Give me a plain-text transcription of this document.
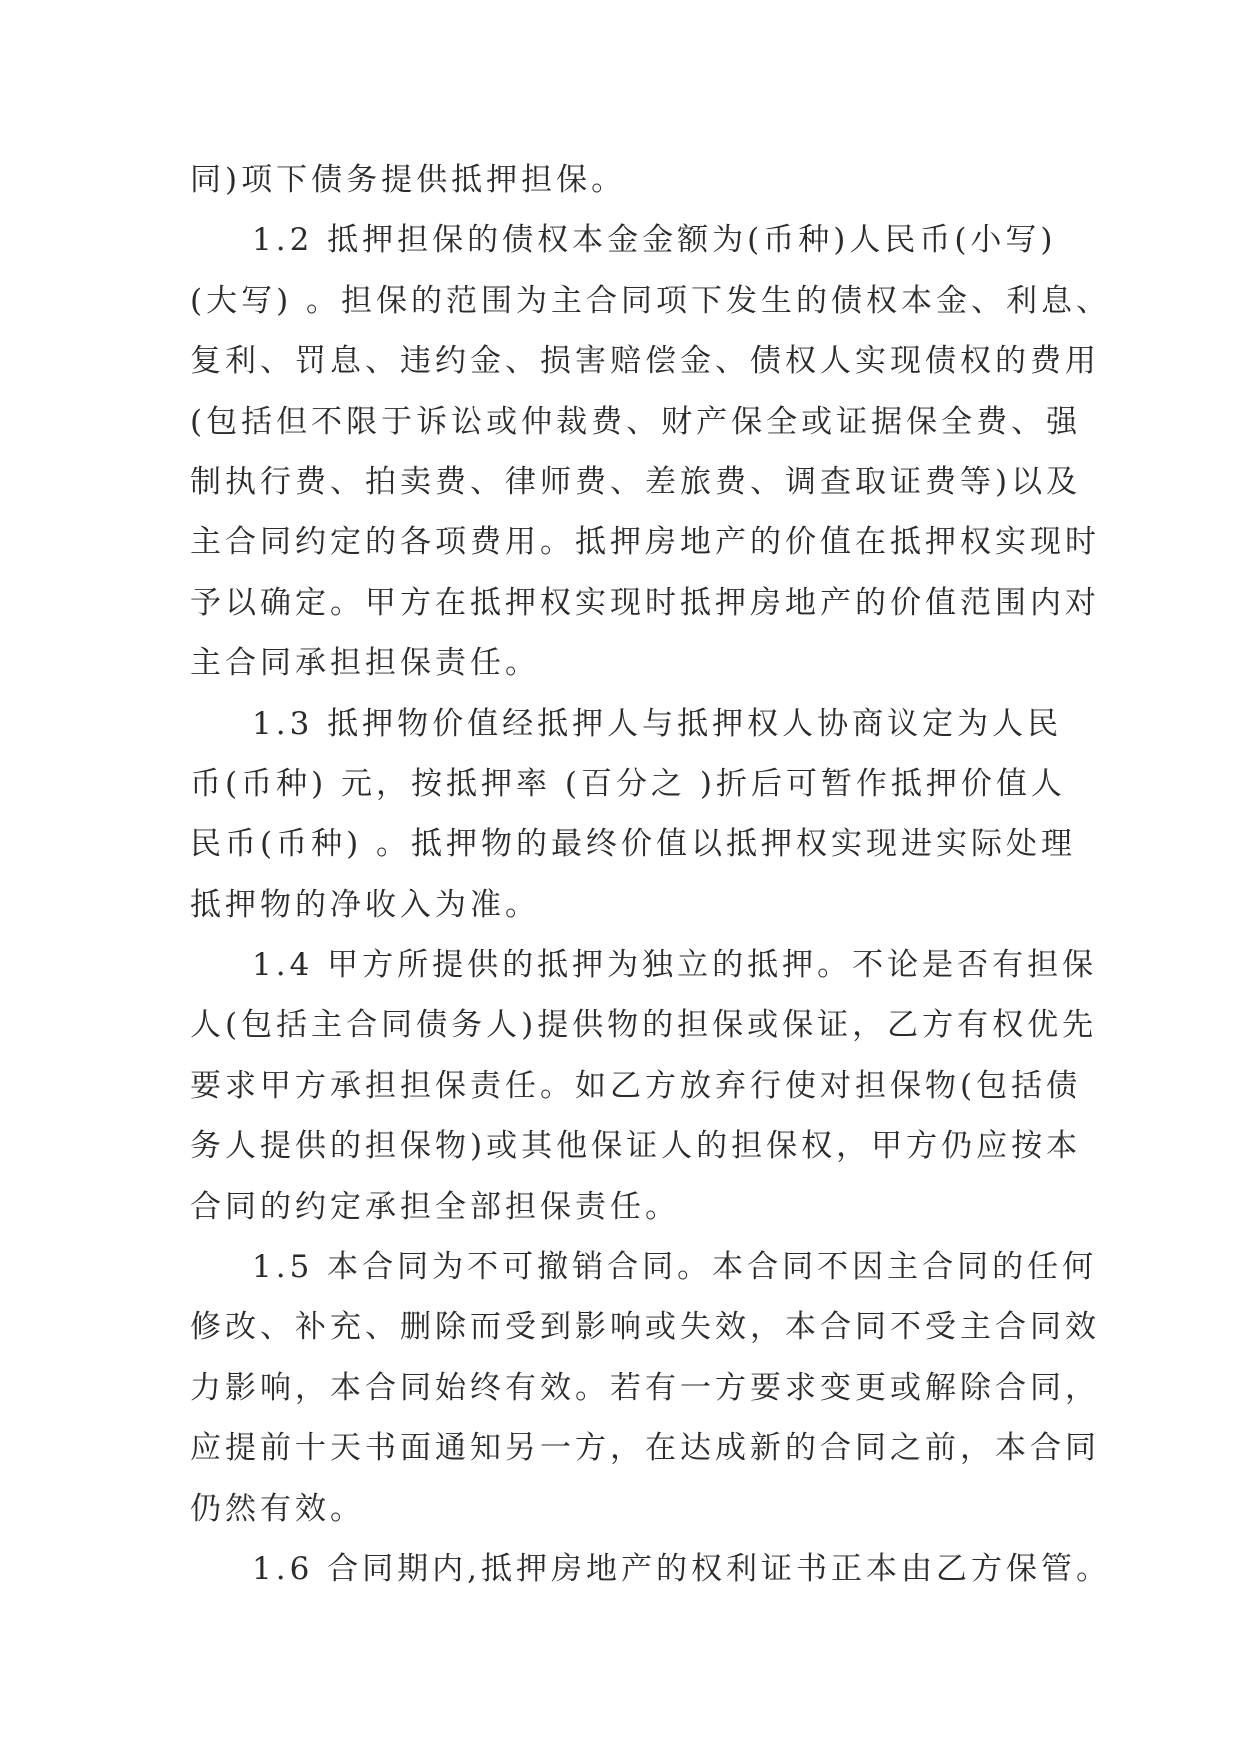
同)项下债务提供抵押担保。
1.2 抵押担保的债权本金金额为(币种)人民币(小写)
(大写) 。担保的范围为主合同项下发生的债权本金、利息、
复利、罚息、违约金、损害赔偿金、债权人实现债权的费用
(包括但不限于诉讼或仲裁费、财产保全或证据保全费、强
制执行费、拍卖费、律师费、差旅费、调查取证费等)以及
主合同约定的各项费用。抵押房地产的价值在抵押权实现时
予以确定。甲方在抵押权实现时抵押房地产的价值范围内对
主合同承担担保责任。
1.3 抵押物价值经抵押人与抵押权人协商议定为人民
币(币种) 元，按抵押率 (百分之 )折后可暂作抵押价值人
民币(币种) 。抵押物的最终价值以抵押权实现进实际处理
抵押物的净收入为准。
1.4 甲方所提供的抵押为独立的抵押。不论是否有担保
人(包括主合同债务人)提供物的担保或保证，乙方有权优先
要求甲方承担担保责任。如乙方放弃行使对担保物(包括债
务人提供的担保物)或其他保证人的担保权，甲方仍应按本
合同的约定承担全部担保责任。
1.5 本合同为不可撤销合同。本合同不因主合同的任何
修改、补充、删除而受到影响或失效，本合同不受主合同效
力影响，本合同始终有效。若有一方要求变更或解除合同，
应提前十天书面通知另一方，在达成新的合同之前，本合同
仍然有效。
1.6 合同期内,抵押房地产的权利证书正本由乙方保管。
